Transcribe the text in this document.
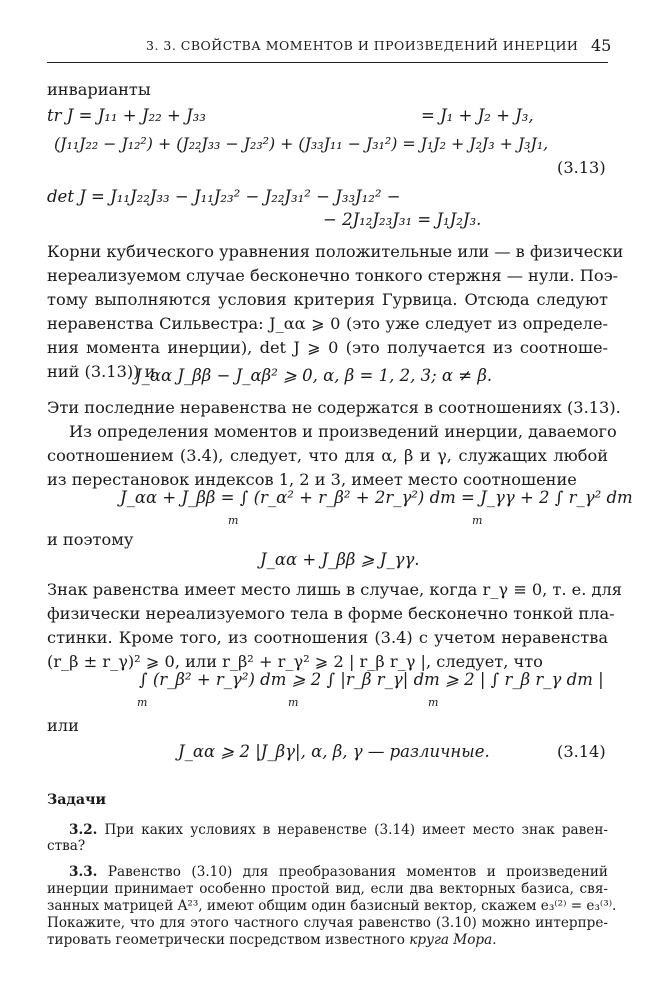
3. 3. СВОЙСТВА МОМЕНТОВ И ПРОИЗВЕДЕНИЙ ИНЕРЦИИ 45
инварианты
tr J = J₁₁ + J₂₂ + J₃₃	= J₁ + J₂ + J₃,
(J₁₁J₂₂ − J₁₂²) + (J₂₂J₃₃ − J₂₃²) + (J₃₃J₁₁ − J₃₁²) = J₁J₂ + J₂J₃ + J₃J₁,
(3.13)
det J = J₁₁J₂₂J₃₃ − J₁₁J₂₃² − J₂₂J₃₁² − J₃₃J₁₂² −
− 2J₁₂J₂₃J₃₁ = J₁J₂J₃.
Корни кубического уравнения положительные или — в физически
нереализуемом случае бесконечно тонкого стержня — нули. Поэ-
тому выполняются условия критерия Гурвица. Отсюда следуют
неравенства Сильвестра: J_αα ⩾ 0 (это уже следует из определе-
ния момента инерции), det J ⩾ 0 (это получается из соотноше-
ний (3.13)) и
J_αα J_ββ − J_αβ² ⩾ 0, α, β = 1, 2, 3; α ≠ β.
Эти последние неравенства не содержатся в соотношениях (3.13).
Из определения моментов и произведений инерции, даваемого
соотношением (3.4), следует, что для α, β и γ, служащих любой
из перестановок индексов 1, 2 и 3, имеет место соотношение
J_αα + J_ββ = ∫ (r_α² + r_β² + 2r_γ²) dm = J_γγ + 2 ∫ r_γ² dm
m	m
и поэтому
J_αα + J_ββ ⩾ J_γγ.
Знак равенства имеет место лишь в случае, когда r_γ ≡ 0, т. е. для
физически нереализуемого тела в форме бесконечно тонкой пла-
стинки. Кроме того, из соотношения (3.4) с учетом неравенства
(r_β ± r_γ)² ⩾ 0, или r_β² + r_γ² ⩾ 2 | r_β r_γ |, следует, что
∫ (r_β² + r_γ²) dm ⩾ 2 ∫ |r_β r_γ| dm ⩾ 2 | ∫ r_β r_γ dm |
m	m	m
или
J_αα ⩾ 2 |J_βγ|, α, β, γ — различные.	(3.14)
Задачи
3.2. При каких условиях в неравенстве (3.14) имеет место знак равен-
ства?
3.3. Равенство (3.10) для преобразования моментов и произведений
инерции принимает особенно простой вид, если два векторных базиса, свя-
занных матрицей A²³, имеют общим один базисный вектор, скажем e₃⁽²⁾ = e₃⁽³⁾.
Покажите, что для этого частного случая равенство (3.10) можно интерпре-
тировать геометрически посредством известного круга Мора.
